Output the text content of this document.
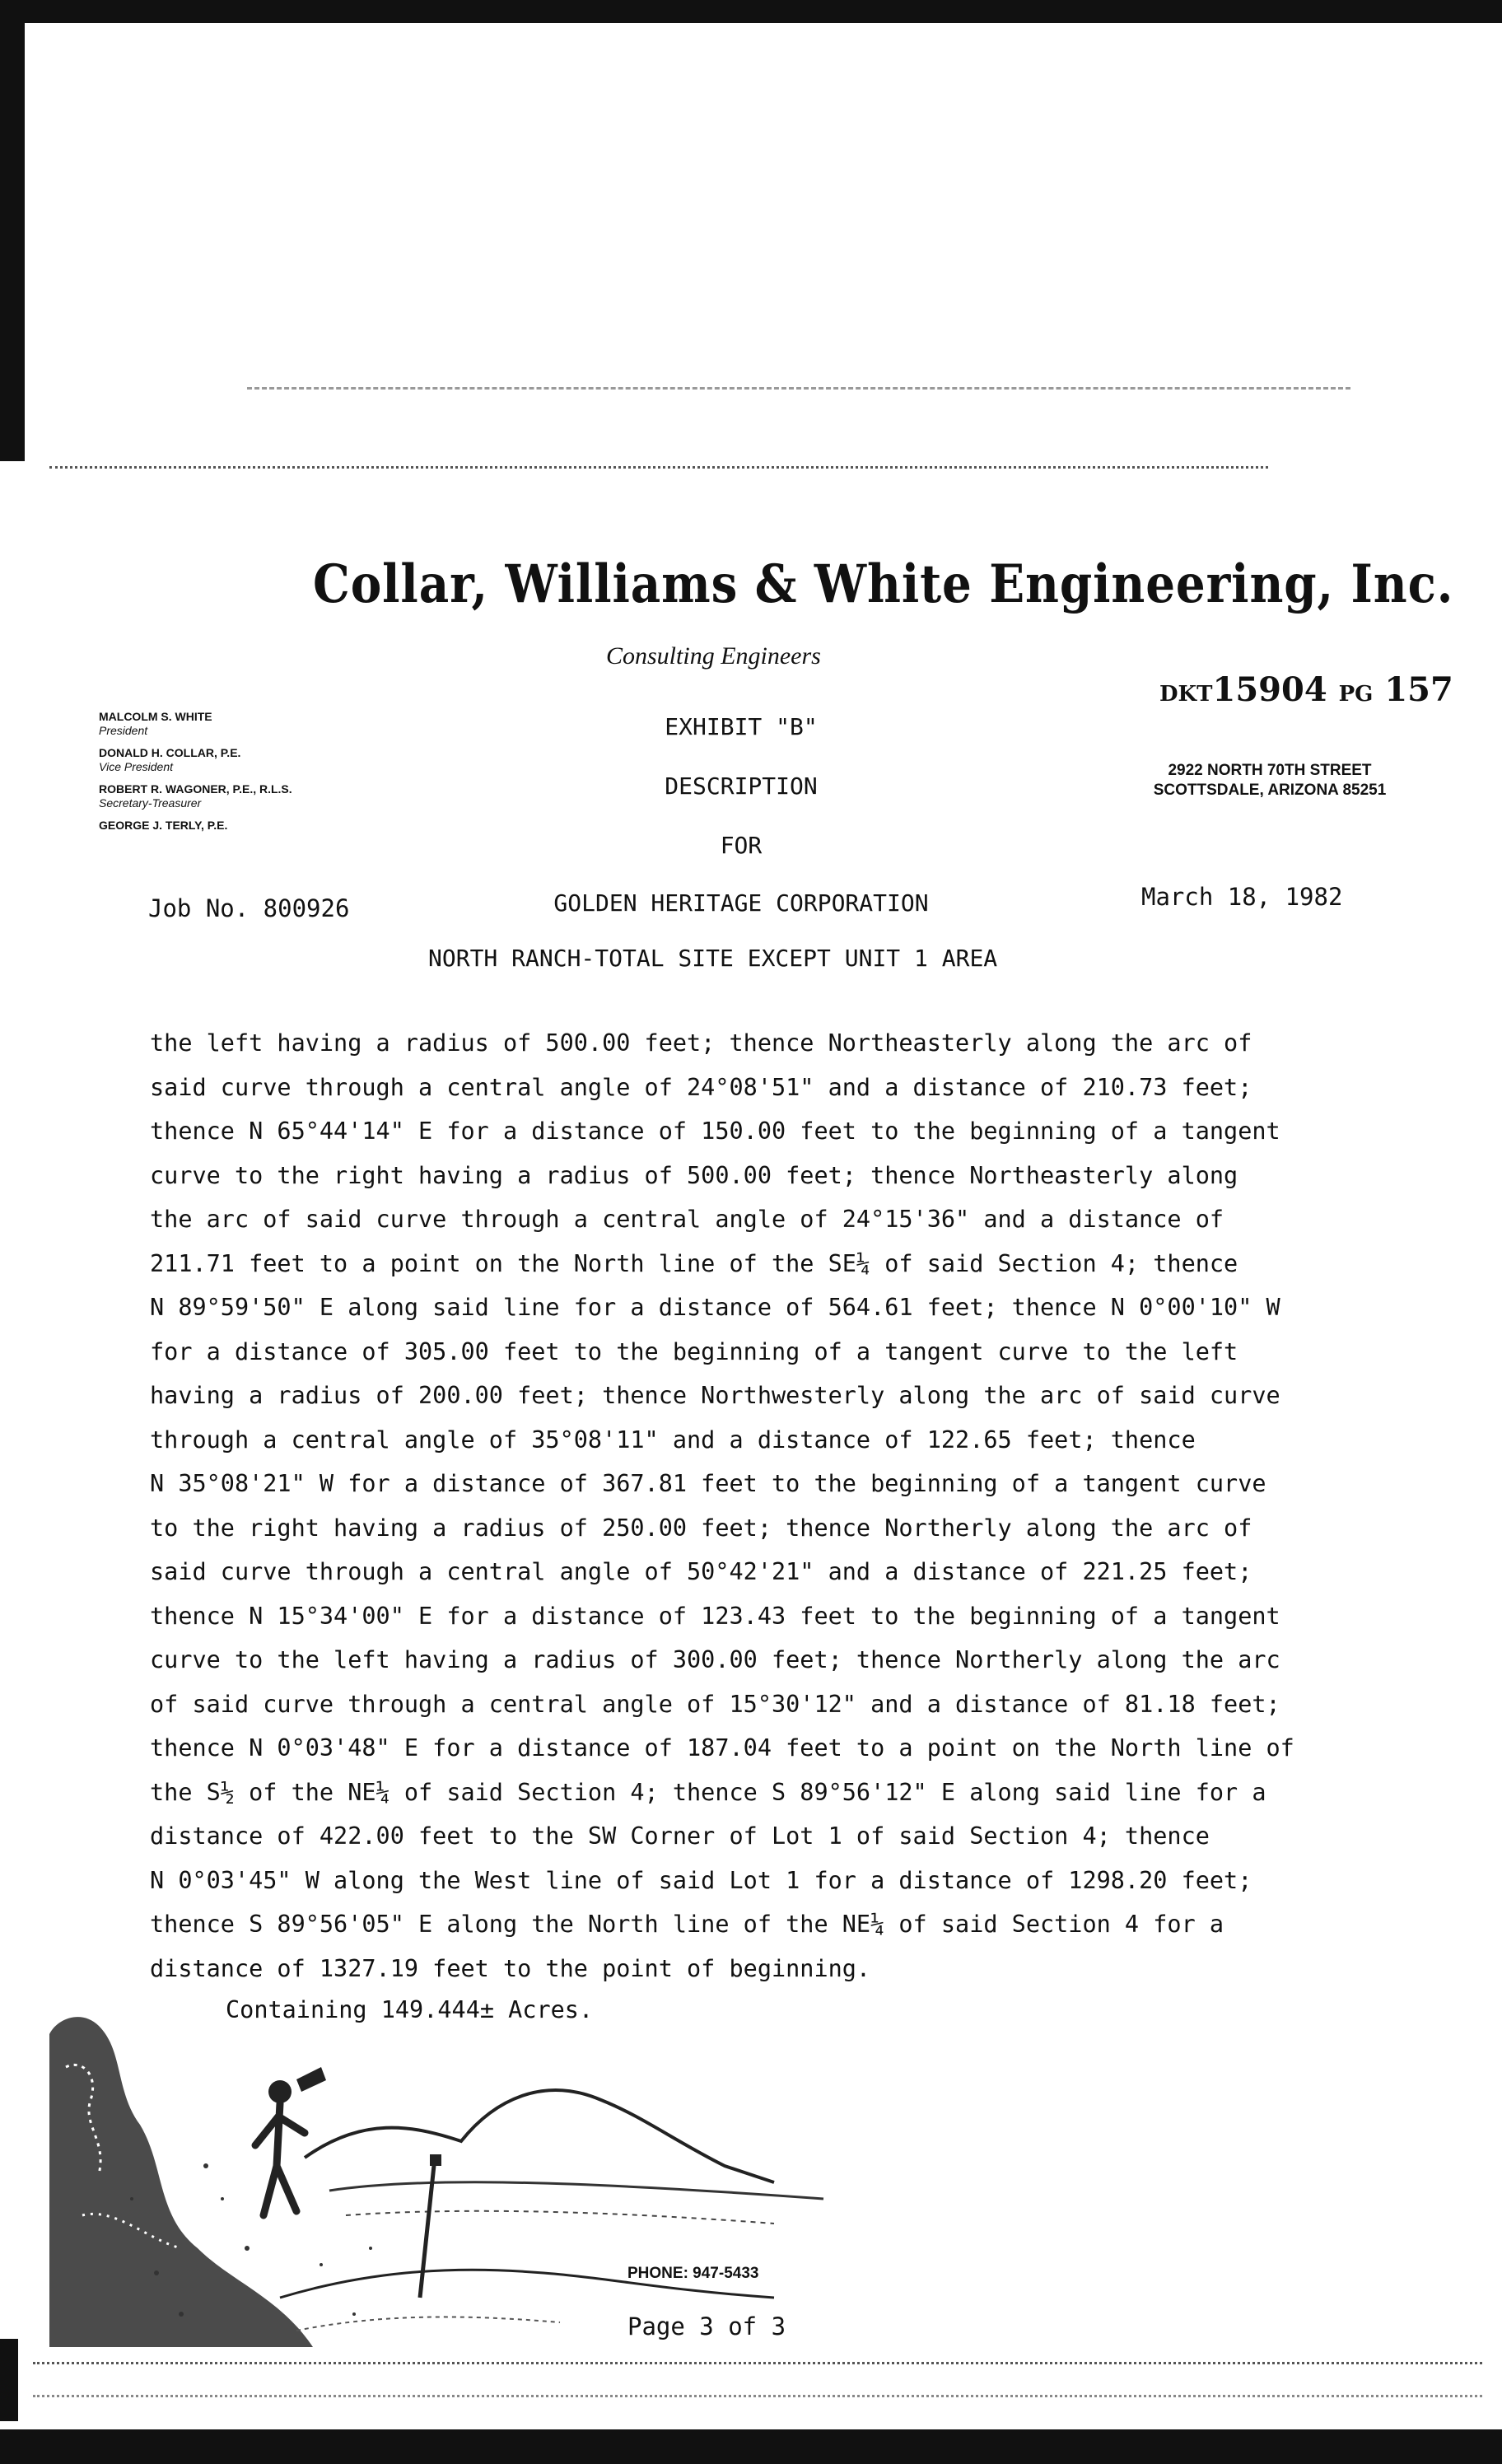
Collar, Williams & White Engineering, Inc.
Consulting Engineers
MALCOLM S. WHITE
President
DONALD H. COLLAR, P.E.
Vice President
ROBERT R. WAGONER, P.E., R.L.S.
Secretary-Treasurer
GEORGE J. TERLY, P.E.
DKT15904 PG 157
2922 NORTH 70TH STREET
SCOTTSDALE, ARIZONA 85251
EXHIBIT "B"
DESCRIPTION
FOR
GOLDEN HERITAGE CORPORATION
Job No. 800926	March 18, 1982
NORTH RANCH-TOTAL SITE EXCEPT UNIT 1 AREA
the left having a radius of 500.00 feet; thence Northeasterly along the arc of
said curve through a central angle of 24°08'51" and a distance of 210.73 feet;
thence N 65°44'14" E for a distance of 150.00 feet to the beginning of a tangent
curve to the right having a radius of 500.00 feet; thence Northeasterly along
the arc of said curve through a central angle of 24°15'36" and a distance of
211.71 feet to a point on the North line of the SE¼ of said Section 4; thence
N 89°59'50" E along said line for a distance of 564.61 feet; thence N 0°00'10" W
for a distance of 305.00 feet to the beginning of a tangent curve to the left
having a radius of 200.00 feet; thence Northwesterly along the arc of said curve
through a central angle of 35°08'11" and a distance of 122.65 feet; thence
N 35°08'21" W for a distance of 367.81 feet to the beginning of a tangent curve
to the right having a radius of 250.00 feet; thence Northerly along the arc of
said curve through a central angle of 50°42'21" and a distance of 221.25 feet;
thence N 15°34'00" E for a distance of 123.43 feet to the beginning of a tangent
curve to the left having a radius of 300.00 feet; thence Northerly along the arc
of said curve through a central angle of 15°30'12" and a distance of 81.18 feet;
thence N 0°03'48" E for a distance of 187.04 feet to a point on the North line of
the S½ of the NE¼ of said Section 4; thence S 89°56'12" E along said line for a
distance of 422.00 feet to the SW Corner of Lot 1 of said Section 4; thence
N 0°03'45" W along the West line of said Lot 1 for a distance of 1298.20 feet;
thence S 89°56'05" E along the North line of the NE¼ of said Section 4 for a
distance of 1327.19 feet to the point of beginning.
PHONE: 947-5433
Page 3 of 3
Containing 149.444± Acres.
